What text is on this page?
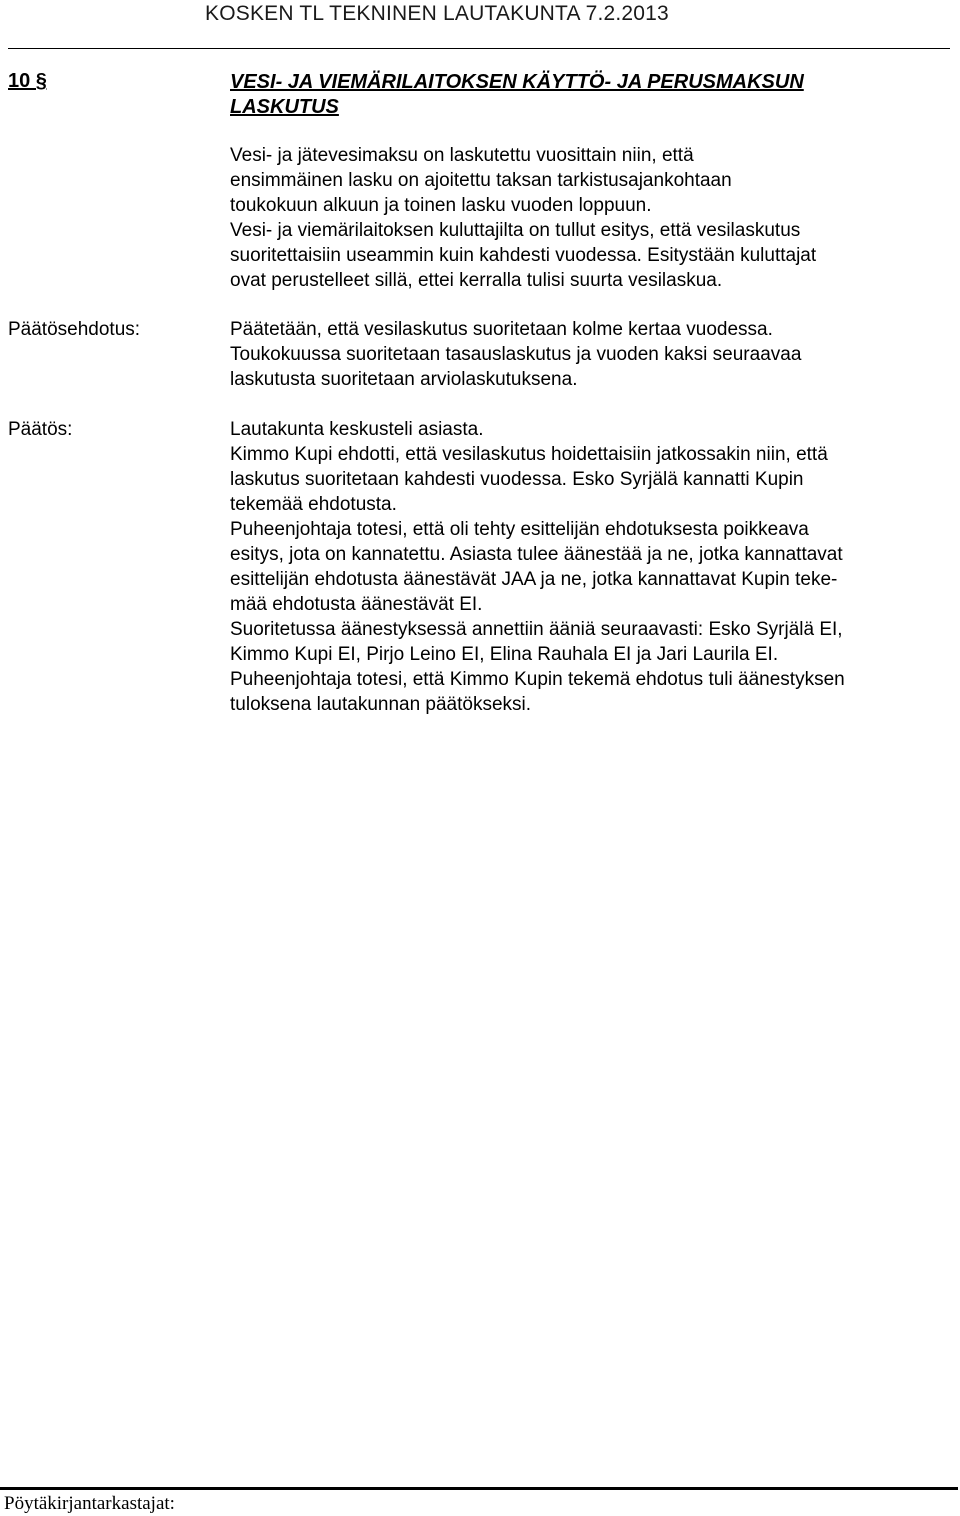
KOSKEN TL TEKNINEN LAUTAKUNTA 7.2.2013
10 §	VESI- JA VIEMÄRILAITOKSEN KÄYTTÖ- JA PERUSMAKSUN
LASKUTUS
Vesi- ja jätevesimaksu on laskutettu vuosittain niin, että
ensimmäinen lasku on ajoitettu taksan tarkistusajankohtaan
toukokuun alkuun ja toinen lasku vuoden loppuun.
Vesi- ja viemärilaitoksen kuluttajilta on tullut esitys, että vesilaskutus
suoritettaisiin useammin kuin kahdesti vuodessa. Esitystään kuluttajat
ovat perustelleet sillä, ettei kerralla tulisi suurta vesilaskua.
Päätösehdotus:	Päätetään, että vesilaskutus suoritetaan kolme kertaa vuodessa.
Toukokuussa suoritetaan tasauslaskutus ja vuoden kaksi seuraavaa
laskutusta suoritetaan arviolaskutuksena.
Päätös:	Lautakunta keskusteli asiasta.
Kimmo Kupi ehdotti, että vesilaskutus hoidettaisiin jatkossakin niin, että
laskutus suoritetaan kahdesti vuodessa. Esko Syrjälä kannatti Kupin
tekemää ehdotusta.
Puheenjohtaja totesi, että oli tehty esittelijän ehdotuksesta poikkeava
esitys, jota on kannatettu. Asiasta tulee äänestää ja ne, jotka kannattavat
esittelijän ehdotusta äänestävät JAA ja ne, jotka kannattavat Kupin teke-
mää ehdotusta äänestävät EI.
Suoritetussa äänestyksessä annettiin ääniä seuraavasti: Esko Syrjälä EI,
Kimmo Kupi EI, Pirjo Leino EI, Elina Rauhala EI ja Jari Laurila EI.
Puheenjohtaja totesi, että Kimmo Kupin tekemä ehdotus tuli äänestyksen
tuloksena lautakunnan päätökseksi.
Pöytäkirjantarkastajat:
